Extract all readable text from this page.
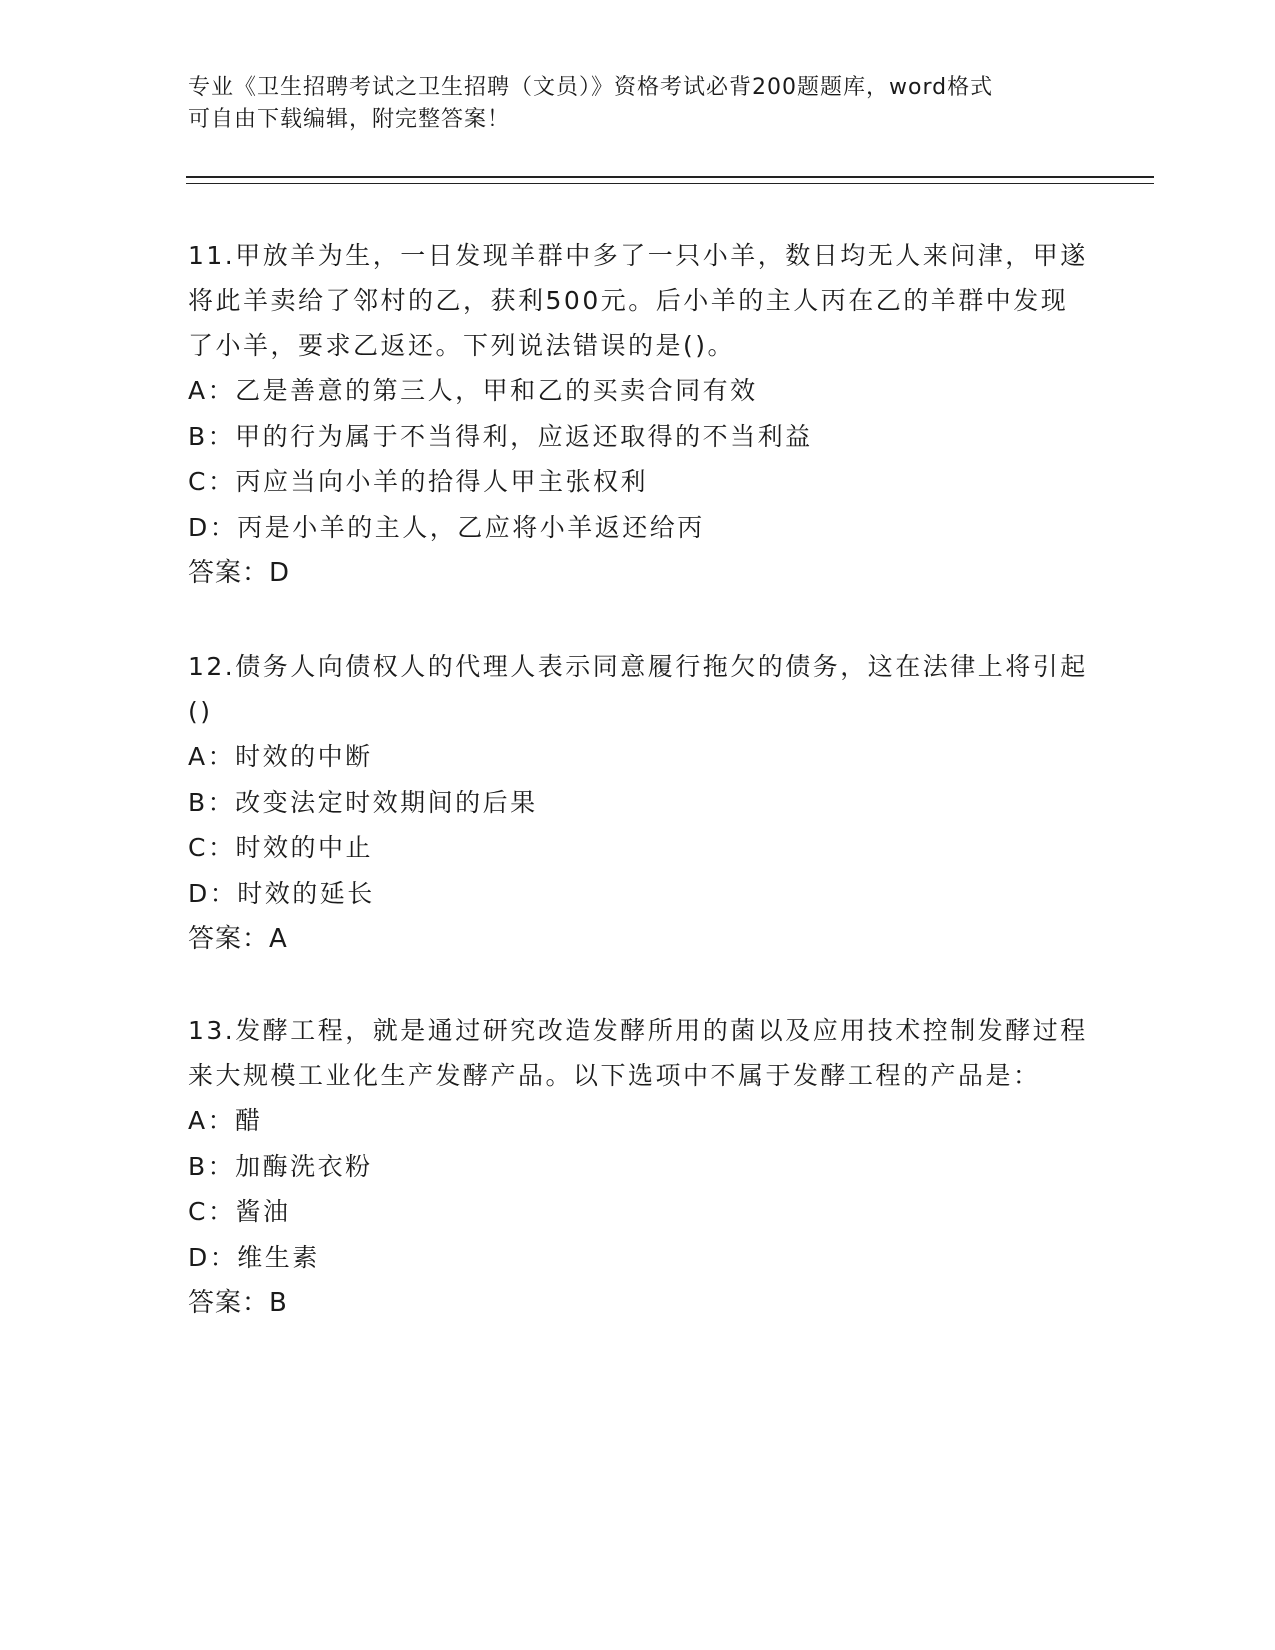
专业《卫生招聘考试之卫生招聘（文员）》资格考试必背200题题库，word格式
可自由下载编辑，附完整答案！

11.甲放羊为生，一日发现羊群中多了一只小羊，数日均无人来问津，甲遂将此羊卖给了邻村的乙，获利500元。后小羊的主人丙在乙的羊群中发现了小羊，要求乙返还。下列说法错误的是()。

A：乙是善意的第三人，甲和乙的买卖合同有效

B：甲的行为属于不当得利，应返还取得的不当利益

C：丙应当向小羊的拾得人甲主张权利

D：丙是小羊的主人，乙应将小羊返还给丙

答案：D

12.债务人向债权人的代理人表示同意履行拖欠的债务，这在法律上将引起()

A：时效的中断

B：改变法定时效期间的后果

C：时效的中止

D：时效的延长

答案：A

13.发酵工程，就是通过研究改造发酵所用的菌以及应用技术控制发酵过程来大规模工业化生产发酵产品。以下选项中不属于发酵工程的产品是：

A：醋

B：加酶洗衣粉

C：酱油

D：维生素

答案：B
